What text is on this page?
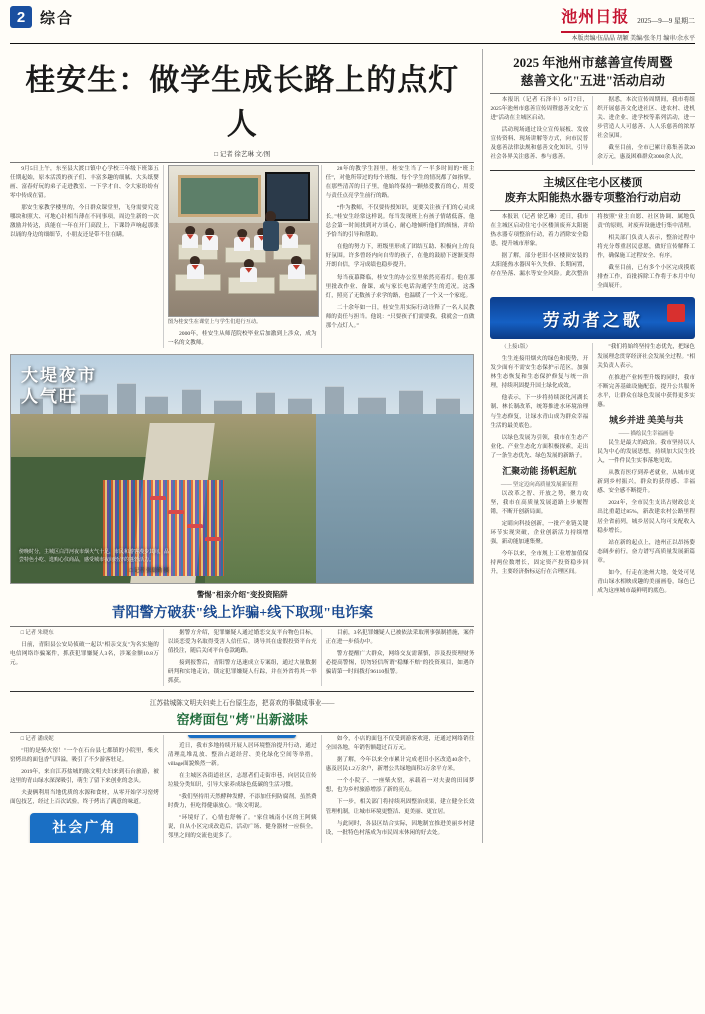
2 综合	池州日报 2025—9—9 星期二
本版责编/伍晶晶 胡颖 美编/张冬月 编审/余水平
桂安生：做学生成长路上的点灯人
□ 记者 徐艺琳 文/图

9月5日上午，东至县大渡口镇中心学校三年级下班第五任期起始，原本活泼的孩子们、丰富多趣的细腻、大头纸婴画、富春好玩的弟子走进教室、一下学才自、令大家纷纷有零中传成在留。

那安生家教学楼里的，今日群众课堂里，飞身需要究竟哪块和照大、可地心针相当薄在不同事项，周边生新的一次激励并传达，真能在一年在开门高段上，下课铃声响起那张以诵的身边的细细节，小朋友还是带不住在瞒。

图为桂安生在课堂上与学生们进行互动。

2000年，桂安生从师范院校毕业后加激到上涉众，成为一名的文教师。

28年的教学生涯里，桂安生当了一半多时间的“班主任”，对他所带过的每个班级、每个学生的情况都了如指掌。在那些清苦的日子里，他始终保持一颗热爱教育的心，用爱与责任点亮学生前行的路。

“作为教师，不仅要传授知识，更要关注孩子们的心灵成长。”桂安生经常这样说。每当发现班上有孩子情绪低落，他总会第一时间找到对方谈心，耐心地倾听他们的烦恼，并给予恰当的引导和帮助。

在他的努力下，班级里形成了团结互助、积极向上的良好氛围。许多曾经内向自卑的孩子，在他的鼓励下逐渐变得开朗自信，学习成绩也稳步提升。

每当夜幕降临，桂安生的办公室里依然亮着灯。他在那里批改作业、备课，或与家长电话沟通学生的近况。这盏灯，照亮了无数孩子求学的路，也温暖了一个又一个家庭。

二十余年如一日，桂安生用实际行动诠释了一名人民教师的责任与担当。他说：“只要孩子们需要我，我就会一直做那个点灯人。”

大堤夜市
人气旺
傍晚时分，主城区白洋河夜市烟火气十足，市民和游客漫步其间，品尝特色小吃、选购心仪商品，感受城市夜间经济的蓬勃活力。
□ 记者 张聪勤 摄
警惕"相亲介绍"变投资陷阱
青阳警方破获"线上诈骗+线下取现"电诈案

□ 记者 朱晓东

日前，青阳县公安局侦破一起以"相亲交友"为名实施的电信网络诈骗案件，抓获犯罪嫌疑人3名，涉案金额10.8万元。

据警方介绍，犯罪嫌疑人通过婚恋交友平台物色目标，以谈恋爱为名取得受害人信任后，诱导其在虚假投资平台充值投注，随后关闭平台卷款跑路。

接到报警后，青阳警方迅速成立专案组，通过大量数据研判和实地走访，锁定犯罪嫌疑人行踪，并在外省将其一举抓获。

目前，3名犯罪嫌疑人已被依法采取刑事强制措施，案件正在进一步侦办中。

警方提醒广大群众，网络交友需谨慎，涉及投资理财务必提高警惕，切勿轻信所谓"稳赚不赔"的投资项目，如遇诈骗请第一时间拨打96110报警。

江苏盐城陈文明夫妇卖上石台原生态，把喜欢的事做成事业——
窑烤面包"烤"出新滋味

□ 记者 潘成妮

"用的是柴火窑！"一个在石台县七都镇的小院里，柴火窑烤出的面包香气四溢，吸引了不少游客驻足。

2019年，来自江苏盐城的陈文明夫妇来到石台旅游，被这里的青山绿水深深吸引，萌生了留下来创业的念头。

夫妻俩利用当地优质的水源和食材，从零开始学习窑烤面包技艺，经过上百次试验，终于烤出了满意的味道。

社会广角

近日，我市多地持续开展人居环境整治提升行动，通过清理乱堆乱放、整治占道经营、美化绿化空间等举措，village面貌焕然一新。

在主城区各街道社区，志愿者们走街串巷，向居民宣传垃圾分类知识，引导大家养成绿色低碳的生活习惯。

"我们坚持用天然酵种发酵，不添加任何防腐剂，虽然费时费力，但吃得健康放心。"陈文明说。

"环境好了，心情也舒畅了。"家住城南小区的王阿姨说，自从小区完成改造后，活动广场、健身器材一应俱全，邻里之间的交流也更多了。

如今，小店的面包不仅受到游客欢迎，还通过网络销往全国各地，年销售额超过百万元。

据了解，今年以来全市累计完成老旧小区改造40余个，惠及居民1.2万余户，新增公共绿地面积3万余平方米。

一个小院子、一座柴火窑，承载着一对夫妻的田园梦想，也为乡村旅游增添了新的亮点。

下一步，相关部门将持续巩固整治成果，建立健全长效管理机制，让城市环境更整洁、更美丽、更宜居。

与此同时，各县区结合实际，因地制宜推进美丽乡村建设，一批特色村落成为市民周末休闲的好去处。

2025 年池州市慈善宣传周暨
慈善文化"五进"活动启动

本报讯（记者 石泽丰）9月7日，2025年池州市慈善宣传周暨慈善文化"五进"活动在主城区启动。

活动现场通过设立宣传展板、发放宣传资料、现场讲解等方式，向市民普及慈善法律法规和慈善文化知识，引导社会各界关注慈善、参与慈善。

据悉，本次宣传周期间，我市将组织开展慈善文化进社区、进农村、进机关、进企业、进学校等系列活动，进一步营造人人可慈善、人人乐慈善的浓厚社会氛围。

截至目前，全市已累计募集善款20余万元，惠及困难群众3000余人次。

主城区住宅小区楼顶
废弃太阳能热水器专项整治行动启动

本报讯（记者 徐艺琳）近日，我市在主城区启动住宅小区楼顶废弃太阳能热水器专项整治行动，着力消除安全隐患，提升城市形象。

据了解，部分老旧小区楼顶安装的太阳能热水器因年久失修、长期闲置，存在坠落、漏水等安全风险。此次整治将按照"业主自愿、社区协调、属地负责"的原则，对废弃设施进行集中清理。

相关部门负责人表示，整治过程中将充分尊重居民意愿，做好宣传解释工作，确保施工过程安全、有序。

截至目前，已有多个小区完成摸底排查工作，首批拆除工作将于本月中旬全面展开。

劳动者之歌

（上接1版）

生生连接用烟火的绿色和使势，开发少面有不需安生态保护示范区，加强林生态恢复和生态保护修复与统一治理，持续巩固提升国土绿化成效。

他表示，下一步将持续深化河湖长制、林长制改革，统筹推进水环境治理与生态修复，让绿水青山成为群众幸福生活的最美底色。

以绿色发展为引领，我市在生态产业化、产业生态化方面积极探索，走出了一条生态优先、绿色发展的新路子。

汇聚动能 扬帆起航
—— 坚定迈向高质量发展新征程

以改革之智、开放之势，聚力攻坚，我市在高质量发展道路上步履铿锵，不断开创新局面。

定睛向科技创新，一批产业链关键环节实现突破，企业创新活力持续增强，新动能加速集聚。

今年以来，全市规上工业增加值保持两位数增长，固定资产投资稳步回升，主要经济指标运行在合理区间。

"我们将始终坚持生态优先，把绿色发展理念贯穿经济社会发展全过程。"相关负责人表示。

在推进产业转型升级的同时，我市不断完善基础设施配套，提升公共服务水平，让群众在绿色发展中获得更多实惠。

城乡并进 美美与共
—— 描绘民生幸福画卷

民生是最大的政治。我市坚持以人民为中心的发展思想，持续加大民生投入，一件件民生实事落地见效。

从教育医疗到养老就业，从城市更新到乡村振兴，群众的获得感、幸福感、安全感不断提升。

2024年，全市民生支出占财政总支出比重超过85%，新改建农村公路里程居全省前列，城乡居民人均可支配收入稳步增长。

站在新的起点上，池州正以昂扬姿态阔步前行，奋力谱写高质量发展新篇章。

如今，行走在池州大地，处处可见青山绿水相映成趣的美丽画卷，绿色已成为这座城市最鲜明的底色。
